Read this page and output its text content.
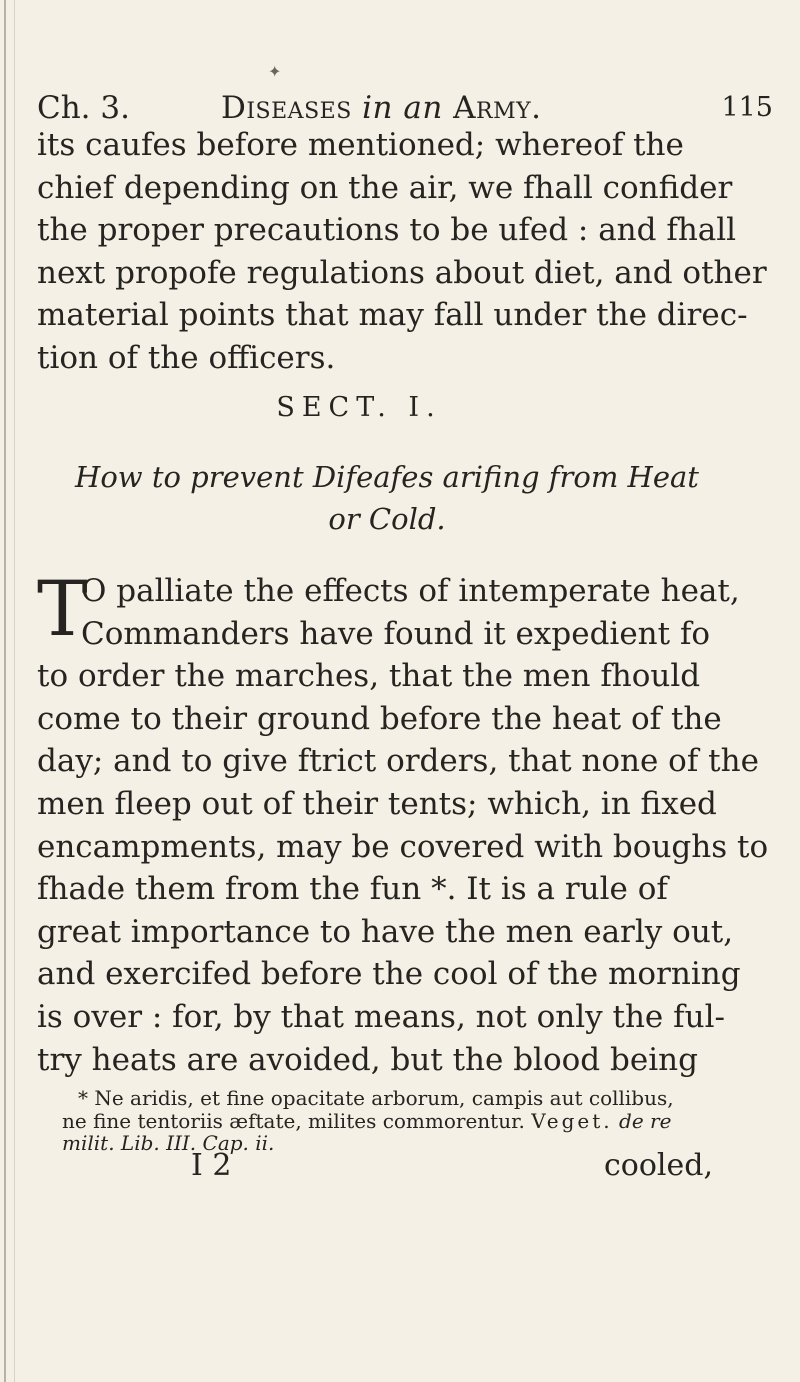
✦
Ch. 3.	Diseases in an Army.	115
its caufes before mentioned; whereof the
chief depending on the air, we fhall confider
the proper precautions to be ufed : and fhall
next propofe regulations about diet, and other
material points that may fall under the direc-
tion of the officers.
SECT. I.
How to prevent Difeafes arifing from Heat
or Cold.
T
O palliate the effects of intemperate heat,
Commanders have found it expedient fo
to order the marches, that the men fhould
come to their ground before the heat of the
day; and to give ftrict orders, that none of the
men fleep out of their tents; which, in fixed
encampments, may be covered with boughs to
fhade them from the fun *. It is a rule of
great importance to have the men early out,
and exercifed before the cool of the morning
is over : for, by that means, not only the ful-
try heats are avoided, but the blood being
* Ne aridis, et fine opacitate arborum, campis aut collibus,
ne fine tentoriis æftate, milites commorentur. Veget. de re
milit. Lib. III. Cap. ii.
I 2	cooled,
